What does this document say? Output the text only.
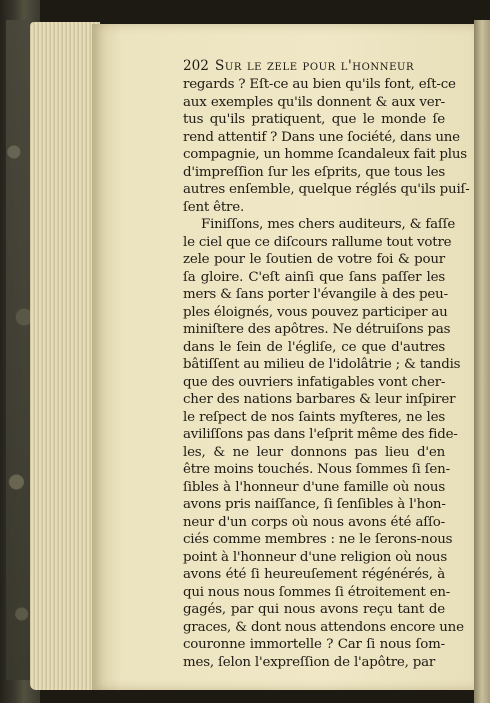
202 Sur le zele pour l'honneur
regards ? Eſt-ce au bien qu'ils font, eſt-ce
aux exemples qu'ils donnent & aux ver-
tus qu'ils pratiquent, que le monde ſe
rend attentif ? Dans une ſociété, dans une
compagnie, un homme ſcandaleux fait plus
d'impreſſion ſur les eſprits, que tous les
autres enſemble, quelque réglés qu'ils puiſ-
ſent être.
Finiſſons, mes chers auditeurs, & faſſe
le ciel que ce diſcours rallume tout votre
zele pour le ſoutien de votre foi & pour
ſa gloire. C'eſt ainſi que ſans paſſer les
mers & ſans porter l'évangile à des peu-
ples éloignés, vous pouvez participer au
miniſtere des apôtres. Ne détruiſons pas
dans le ſein de l'égliſe, ce que d'autres
bâtiſſent au milieu de l'idolâtrie ; & tandis
que des ouvriers infatigables vont cher-
cher des nations barbares & leur inſpirer
le reſpect de nos ſaints myſteres, ne les
aviliſſons pas dans l'eſprit même des fide-
les, & ne leur donnons pas lieu d'en
être moins touchés. Nous ſommes ſi ſen-
ſibles à l'honneur d'une famille où nous
avons pris naiſſance, ſi ſenſibles à l'hon-
neur d'un corps où nous avons été aſſo-
ciés comme membres : ne le ſerons-nous
point à l'honneur d'une religion où nous
avons été ſi heureuſement régénérés, à
qui nous nous ſommes ſi étroitement en-
gagés, par qui nous avons reçu tant de
graces, & dont nous attendons encore une
couronne immortelle ? Car ſi nous ſom-
mes, ſelon l'expreſſion de l'apôtre, par
